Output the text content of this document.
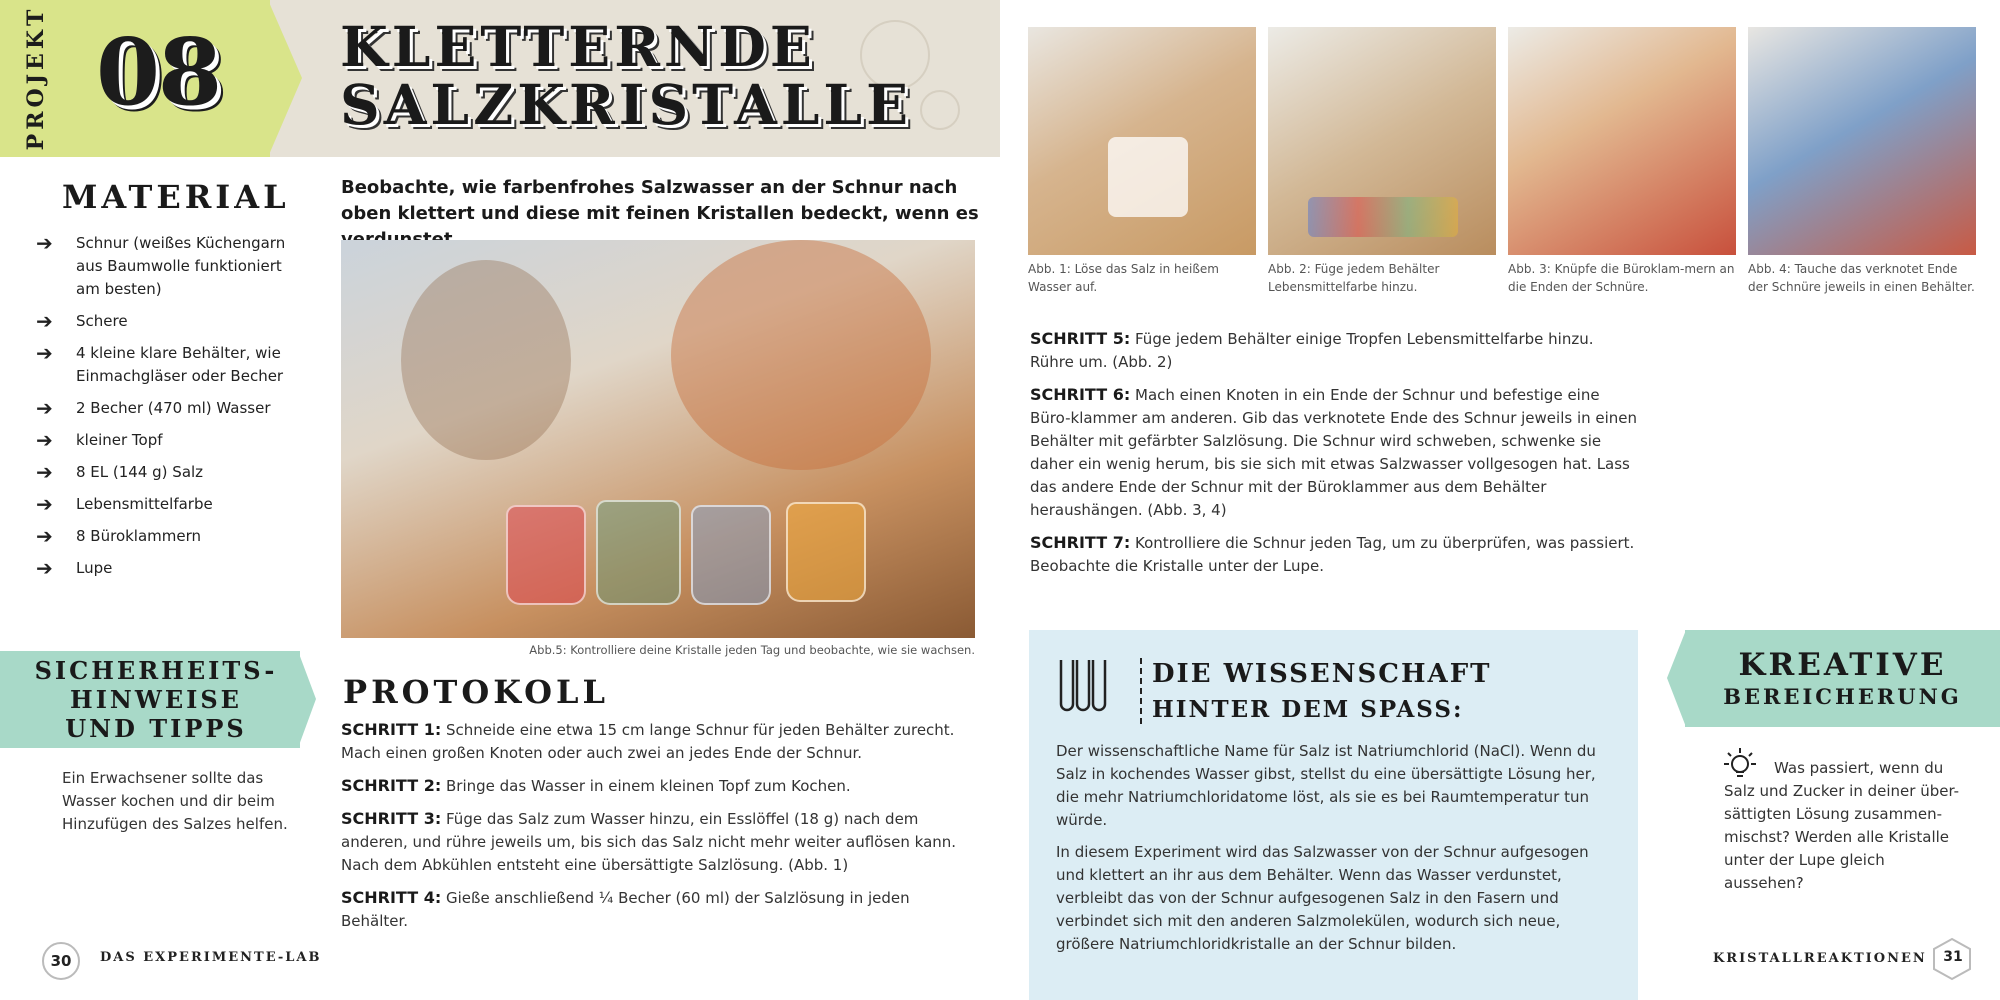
PROJEKT 08 KLETTERNDE
SALZKRISTALLE
MATERIAL
➔	Schnur (weißes Küchengarn aus Baumwolle funktioniert am besten)
➔	Schere
➔	4 kleine klare Behälter, wie Einmachgläser oder Becher
➔	2 Becher (470 ml) Wasser
➔	kleiner Topf
➔	8 EL (144 g) Salz
➔	Lebensmittelfarbe
➔	8 Büroklammern
➔	Lupe
Beobachte, wie farbenfrohes Salzwasser an der Schnur nach oben klettert und diese mit feinen Kristallen bedeckt, wenn es
Abb.5: Kontrolliere deine Kristalle jeden Tag und beobachte, wie sie wachsen.
SICHERHEITS-
HINWEISE
UND TIPPS
Ein Erwachsener sollte das Wasser kochen und dir beim Hinzufügen des Salzes helfen.
PROTOKOLL

SCHRITT 1: Schneide eine etwa 15 cm lange Schnur für jeden Behälter zurecht. Mach einen großen Knoten oder auch zwei an jedes Ende der Schnur.

SCHRITT 2: Bringe das Wasser in einem kleinen Topf zum Kochen.

SCHRITT 3: Füge das Salz zum Wasser hinzu, ein Esslöffel (18 g) nach dem anderen, und rühre jeweils um, bis sich das Salz nicht mehr weiter auflösen kann. Nach dem Abkühlen entsteht eine übersättigte Salzlösung. (Abb. 1)

SCHRITT 4: Gieße anschließend ¼ Becher (60 ml) der Salzlösung in jeden Behälter.

30	DAS EXPERIMENTE-LAB
Abb. 1: Löse das Salz in heißem Wasser auf.
Abb. 2: Füge jedem Behälter Lebensmittelfarbe hinzu.
Abb. 3: Knüpfe die Büroklam-mern an die Enden der Schnüre.
Abb. 4: Tauche das verknotet Ende der Schnüre jeweils in einen Behälter.

SCHRITT 5: Füge jedem Behälter einige Tropfen Lebensmittelfarbe hinzu. Rühre um. (Abb. 2)

SCHRITT 6: Mach einen Knoten in ein Ende der Schnur und befestige eine Büro-klammer am anderen. Gib das verknotete Ende des Schnur jeweils in einen Behälter mit gefärbter Salzlösung. Die Schnur wird schweben, schwenke sie daher ein wenig herum, bis sie sich mit etwas Salzwasser vollgesogen hat. Lass das andere Ende der Schnur mit der Büroklammer aus dem Behälter heraushängen. (Abb. 3, 4)

SCHRITT 7: Kontrolliere die Schnur jeden Tag, um zu überprüfen, was passiert. Beobachte die Kristalle unter der Lupe.

DIE WISSENSCHAFT
HINTER DEM SPASS:

Der wissenschaftliche Name für Salz ist Natriumchlorid (NaCl). Wenn du Salz in kochendes Wasser gibst, stellst du eine übersättigte Lösung her, die mehr Natriumchloridatome löst, als sie es bei Raumtemperatur tun würde.

In diesem Experiment wird das Salzwasser von der Schnur aufgesogen und klettert an ihr aus dem Behälter. Wenn das Wasser verdunstet, verbleibt das von der Schnur aufgesogenen Salz in den Fasern und verbindet sich mit den anderen Salzmolekülen, wodurch sich neue, größere Natriumchloridkristalle an der Schnur bilden.

KREATIVE
BEREICHERUNG
Was passiert, wenn du Salz und Zucker in deiner über-sättigten Lösung zusammen-mischst? Werden alle Kristalle unter der Lupe gleich aussehen?
KRISTALLREAKTIONEN	31
